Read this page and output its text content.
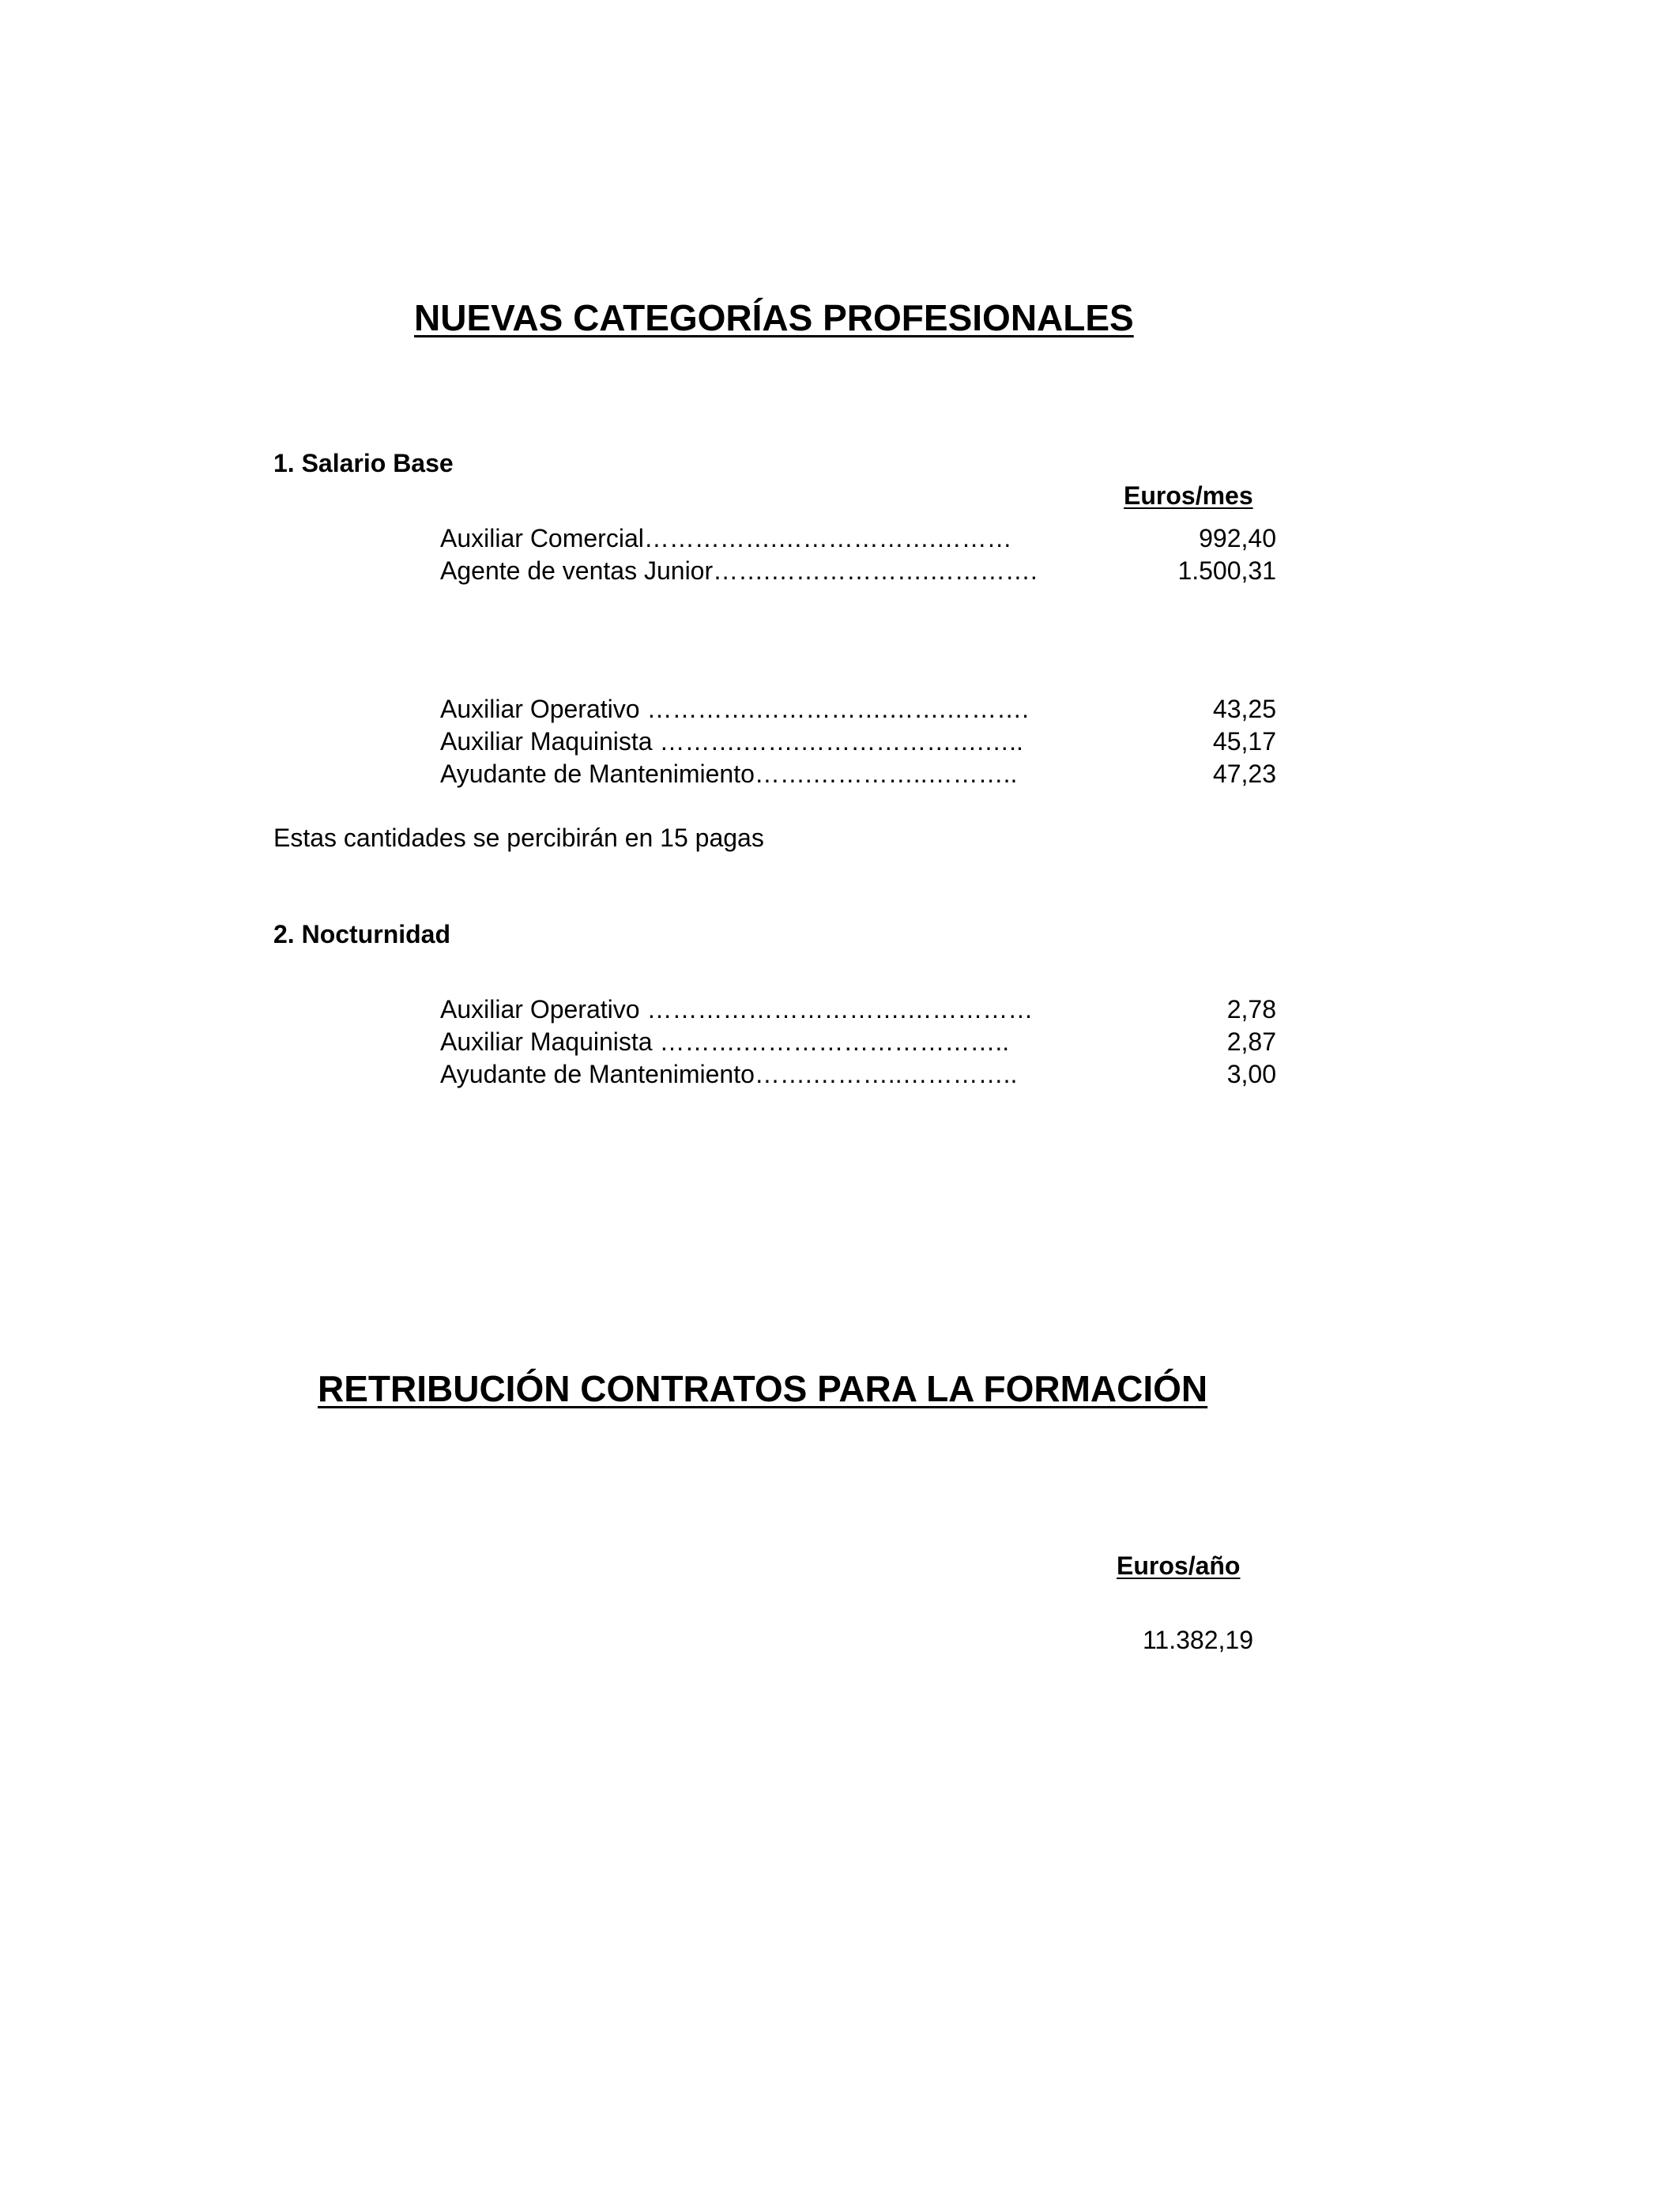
NUEVAS CATEGORÍAS PROFESIONALES
1. Salario Base
Euros/mes
Auxiliar Comercial…………….……………….………	992,40
Agente de ventas Junior…….……………….………….	1.500,31
Auxiliar Operativo ………….…………….…….……….	43,25
Auxiliar Maquinista ……….…….………………….…..	45,17
Ayudante de Mantenimiento…….…………..………..	47,23
Estas cantidades se percibirán en 15 pagas
2. Nocturnidad
Auxiliar Operativo ………………………….……………	2,78
Auxiliar Maquinista ……….…………………………..	2,87
Ayudante de Mantenimiento…….………..…………..	3,00
RETRIBUCIÓN CONTRATOS PARA LA FORMACIÓN
Euros/año
11.382,19
